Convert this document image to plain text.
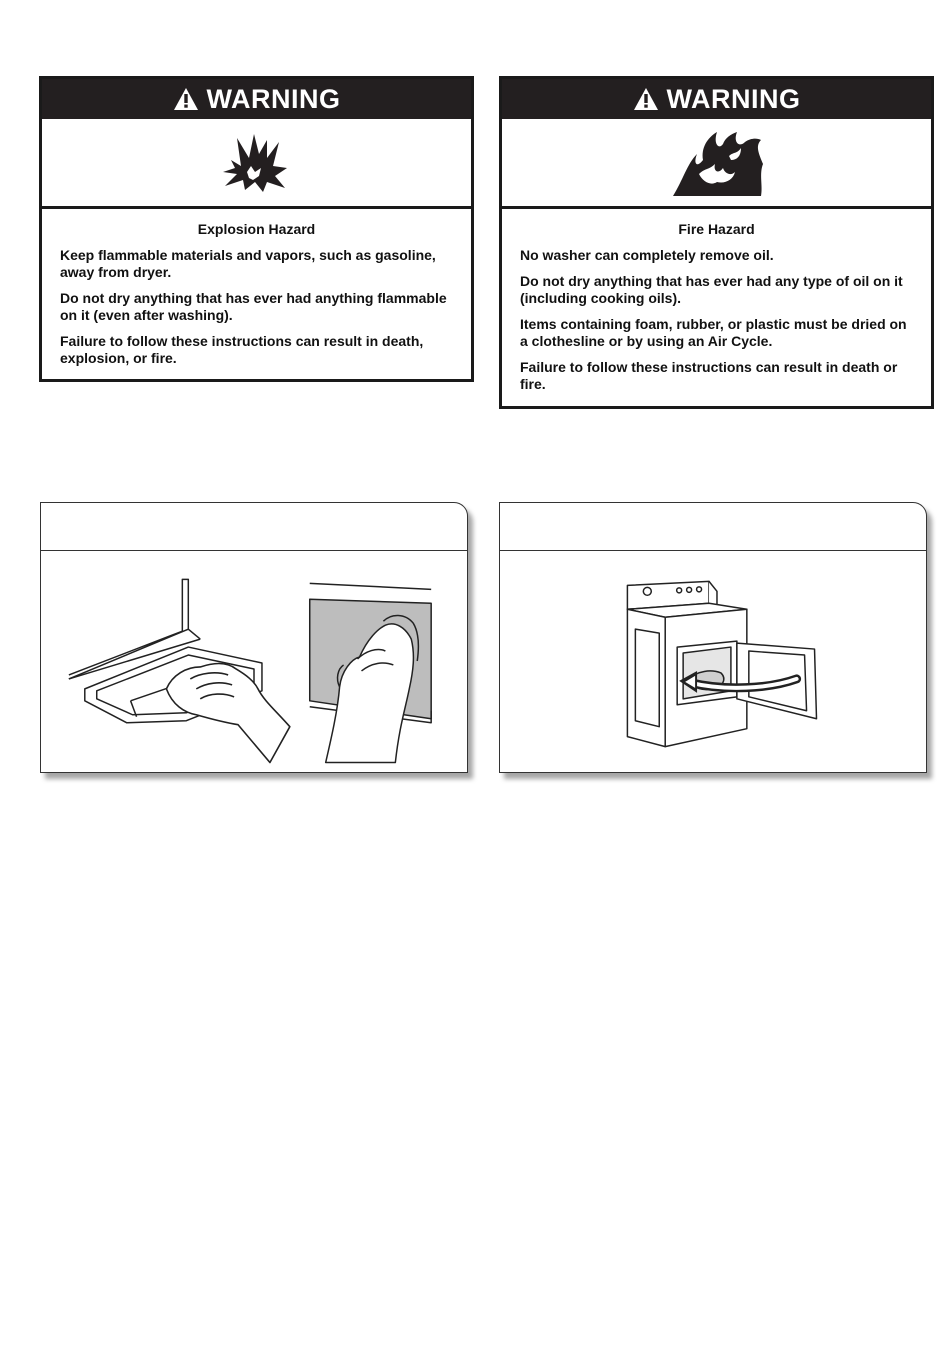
WARNING

Explosion Hazard

Keep flammable materials and vapors, such as gasoline, away from dryer.

Do not dry anything that has ever had anything flammable on it (even after washing).

Failure to follow these instructions can result in death, explosion, or fire.

WARNING

Fire Hazard

No washer can completely remove oil.

Do not dry anything that has ever had any type of oil on it (including cooking oils).

Items containing foam, rubber, or plastic must be dried on a clothesline or by using an Air Cycle.

Failure to follow these instructions can result in death or fire.
